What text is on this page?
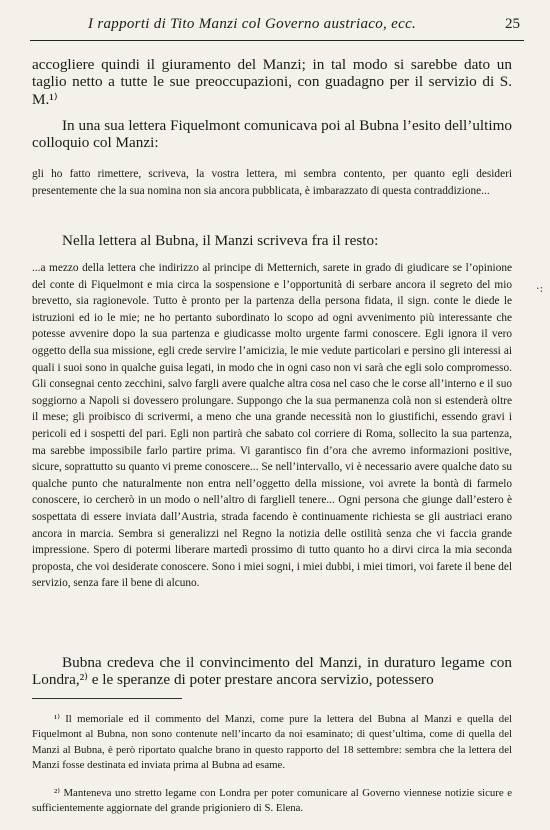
I rapporti di Tito Manzi col Governo austriaco, ecc.	25

accogliere quindi il giuramento del Manzi; in tal modo si sarebbe dato un taglio netto a tutte le sue preoccupazioni, con guadagno per il servizio di S. M.¹⁾

In una sua lettera Fiquelmont comunicava poi al Bubna l’esito dell’ultimo colloquio col Manzi:

gli ho fatto rimettere, scriveva, la vostra lettera, mi sembra contento, per quanto egli desideri presentemente che la sua nomina non sia ancora pubblicata, è imbarazzato di questa contraddizione...

Nella lettera al Bubna, il Manzi scriveva fra il resto:

...a mezzo della lettera che indirizzo al principe di Metternich, sarete in grado di giudicare se l’opinione del conte di Fiquelmont e mia circa la sospensione e l’opportunità di serbare ancora il segreto del mio brevetto, sia ragionevole. Tutto è pronto per la partenza della persona fidata, il sign. conte le diede le istruzioni ed io le mie; ne ho pertanto subordinato lo scopo ad ogni avvenimento più interessante che potesse avvenire dopo la sua partenza e giudicasse molto urgente farmi conoscere. Egli ignora il vero oggetto della sua missione, egli crede servire l’amicizia, le mie vedute particolari e persino gli interessi ai quali i suoi sono in qualche guisa legati, in modo che in ogni caso non vi sarà che egli solo compromesso. Gli consegnai cento zecchini, salvo fargli avere qualche altra cosa nel caso che le corse all’interno e il suo soggiorno a Napoli si dovessero prolungare. Suppongo che la sua permanenza colà non si estenderà oltre il mese; gli proibisco di scrivermi, a meno che una grande necessità non lo giustifichi, essendo gravi i pericoli ed i sospetti del pari. Egli non partirà che sabato col corriere di Roma, sollecito la sua partenza, ma sarebbe impossibile farlo partire prima. Vi garantisco fin d’ora che avremo informazioni positive, sicure, soprattutto su quanto vi preme conoscere... Se nell’intervallo, vi è necessario avere qualche dato su qualche punto che naturalmente non entra nell’oggetto della missione, voi avrete la bontà di farmelo conoscere, io cercherò in un modo o nell’altro di fargliell tenere... Ogni persona che giunge dall’estero è sospettata di essere inviata dall’Austria, strada facendo è continuamente richiesta se gli austriaci erano ancora in marcia. Sembra si generalizzi nel Regno la notizia delle ostilità senza che vi faccia grande impressione. Spero di potermi liberare martedì prossimo di tutto quanto ho a dirvi circa la mia seconda proposta, che voi desiderate conoscere. Sono i miei sogni, i miei dubbi, i miei timori, voi farete il bene del servizio, senza fare il bene di alcuno.

Bubna credeva che il convincimento del Manzi, in duraturo legame con Londra,²⁾ e le speranze di poter prestare ancora servizio, potessero

¹⁾ Il memoriale ed il commento del Manzi, come pure la lettera del Bubna al Manzi e quella del Fiquelmont al Bubna, non sono contenute nell’incarto da noi esaminato; di quest’ultima, come di quella del Manzi al Bubna, è però riportato qualche brano in questo rapporto del 18 settembre: sembra che la lettera del Manzi fosse destinata ed inviata prima al Bubna ad esame.

²⁾ Manteneva uno stretto legame con Londra per poter comunicare al Governo viennese notizie sicure e sufficientemente aggiornate del grande prigioniero di S. Elena.

·:
